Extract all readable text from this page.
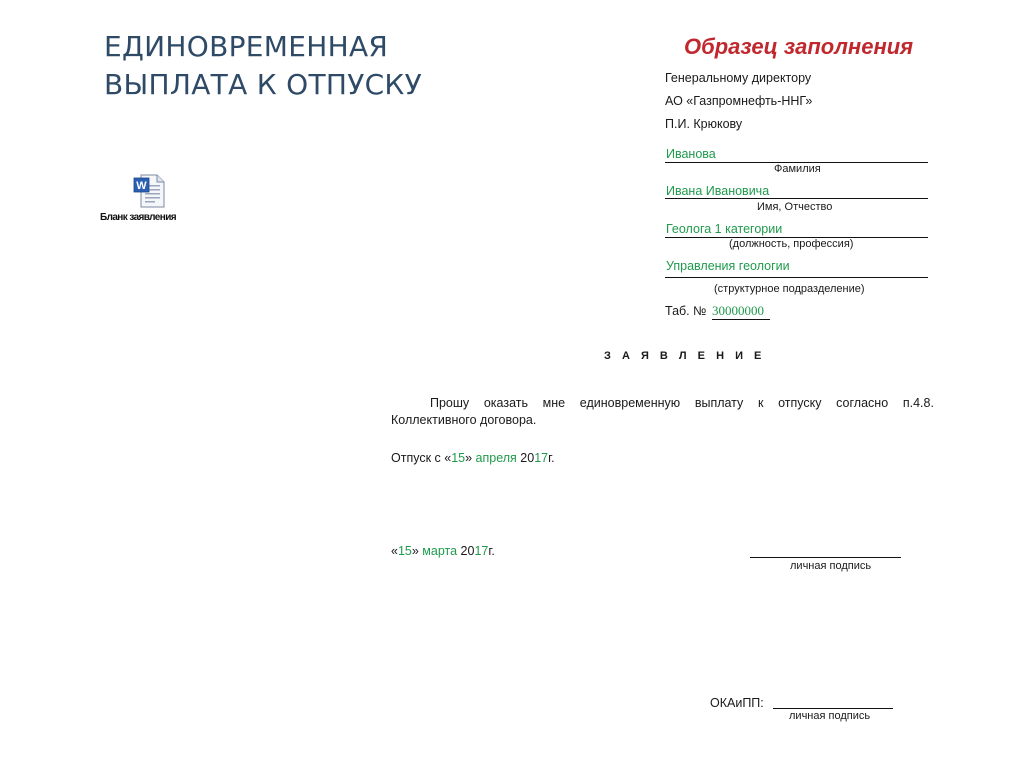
ЕДИНОВРЕМЕННАЯ
ВЫПЛАТА К ОТПУСКУ
W
Бланк заявления
Образец заполнения
Генеральному директору
АО «Газпромнефть-ННГ»
П.И. Крюкову
Иванова
Фамилия
Ивана Ивановича
Имя, Отчество
Геолога 1 категории
(должность, профессия)
Управления геологии
(структурное подразделение)
Таб. № 30000000
З А Я В Л Е Н И Е
Прошу оказать мне единовременную выплату к отпуску согласно п.4.8.
Коллективного договора.
Отпуск с «15» апреля 2017г.
«15» марта 2017г.
личная подпись
ОКАиПП:
личная подпись
